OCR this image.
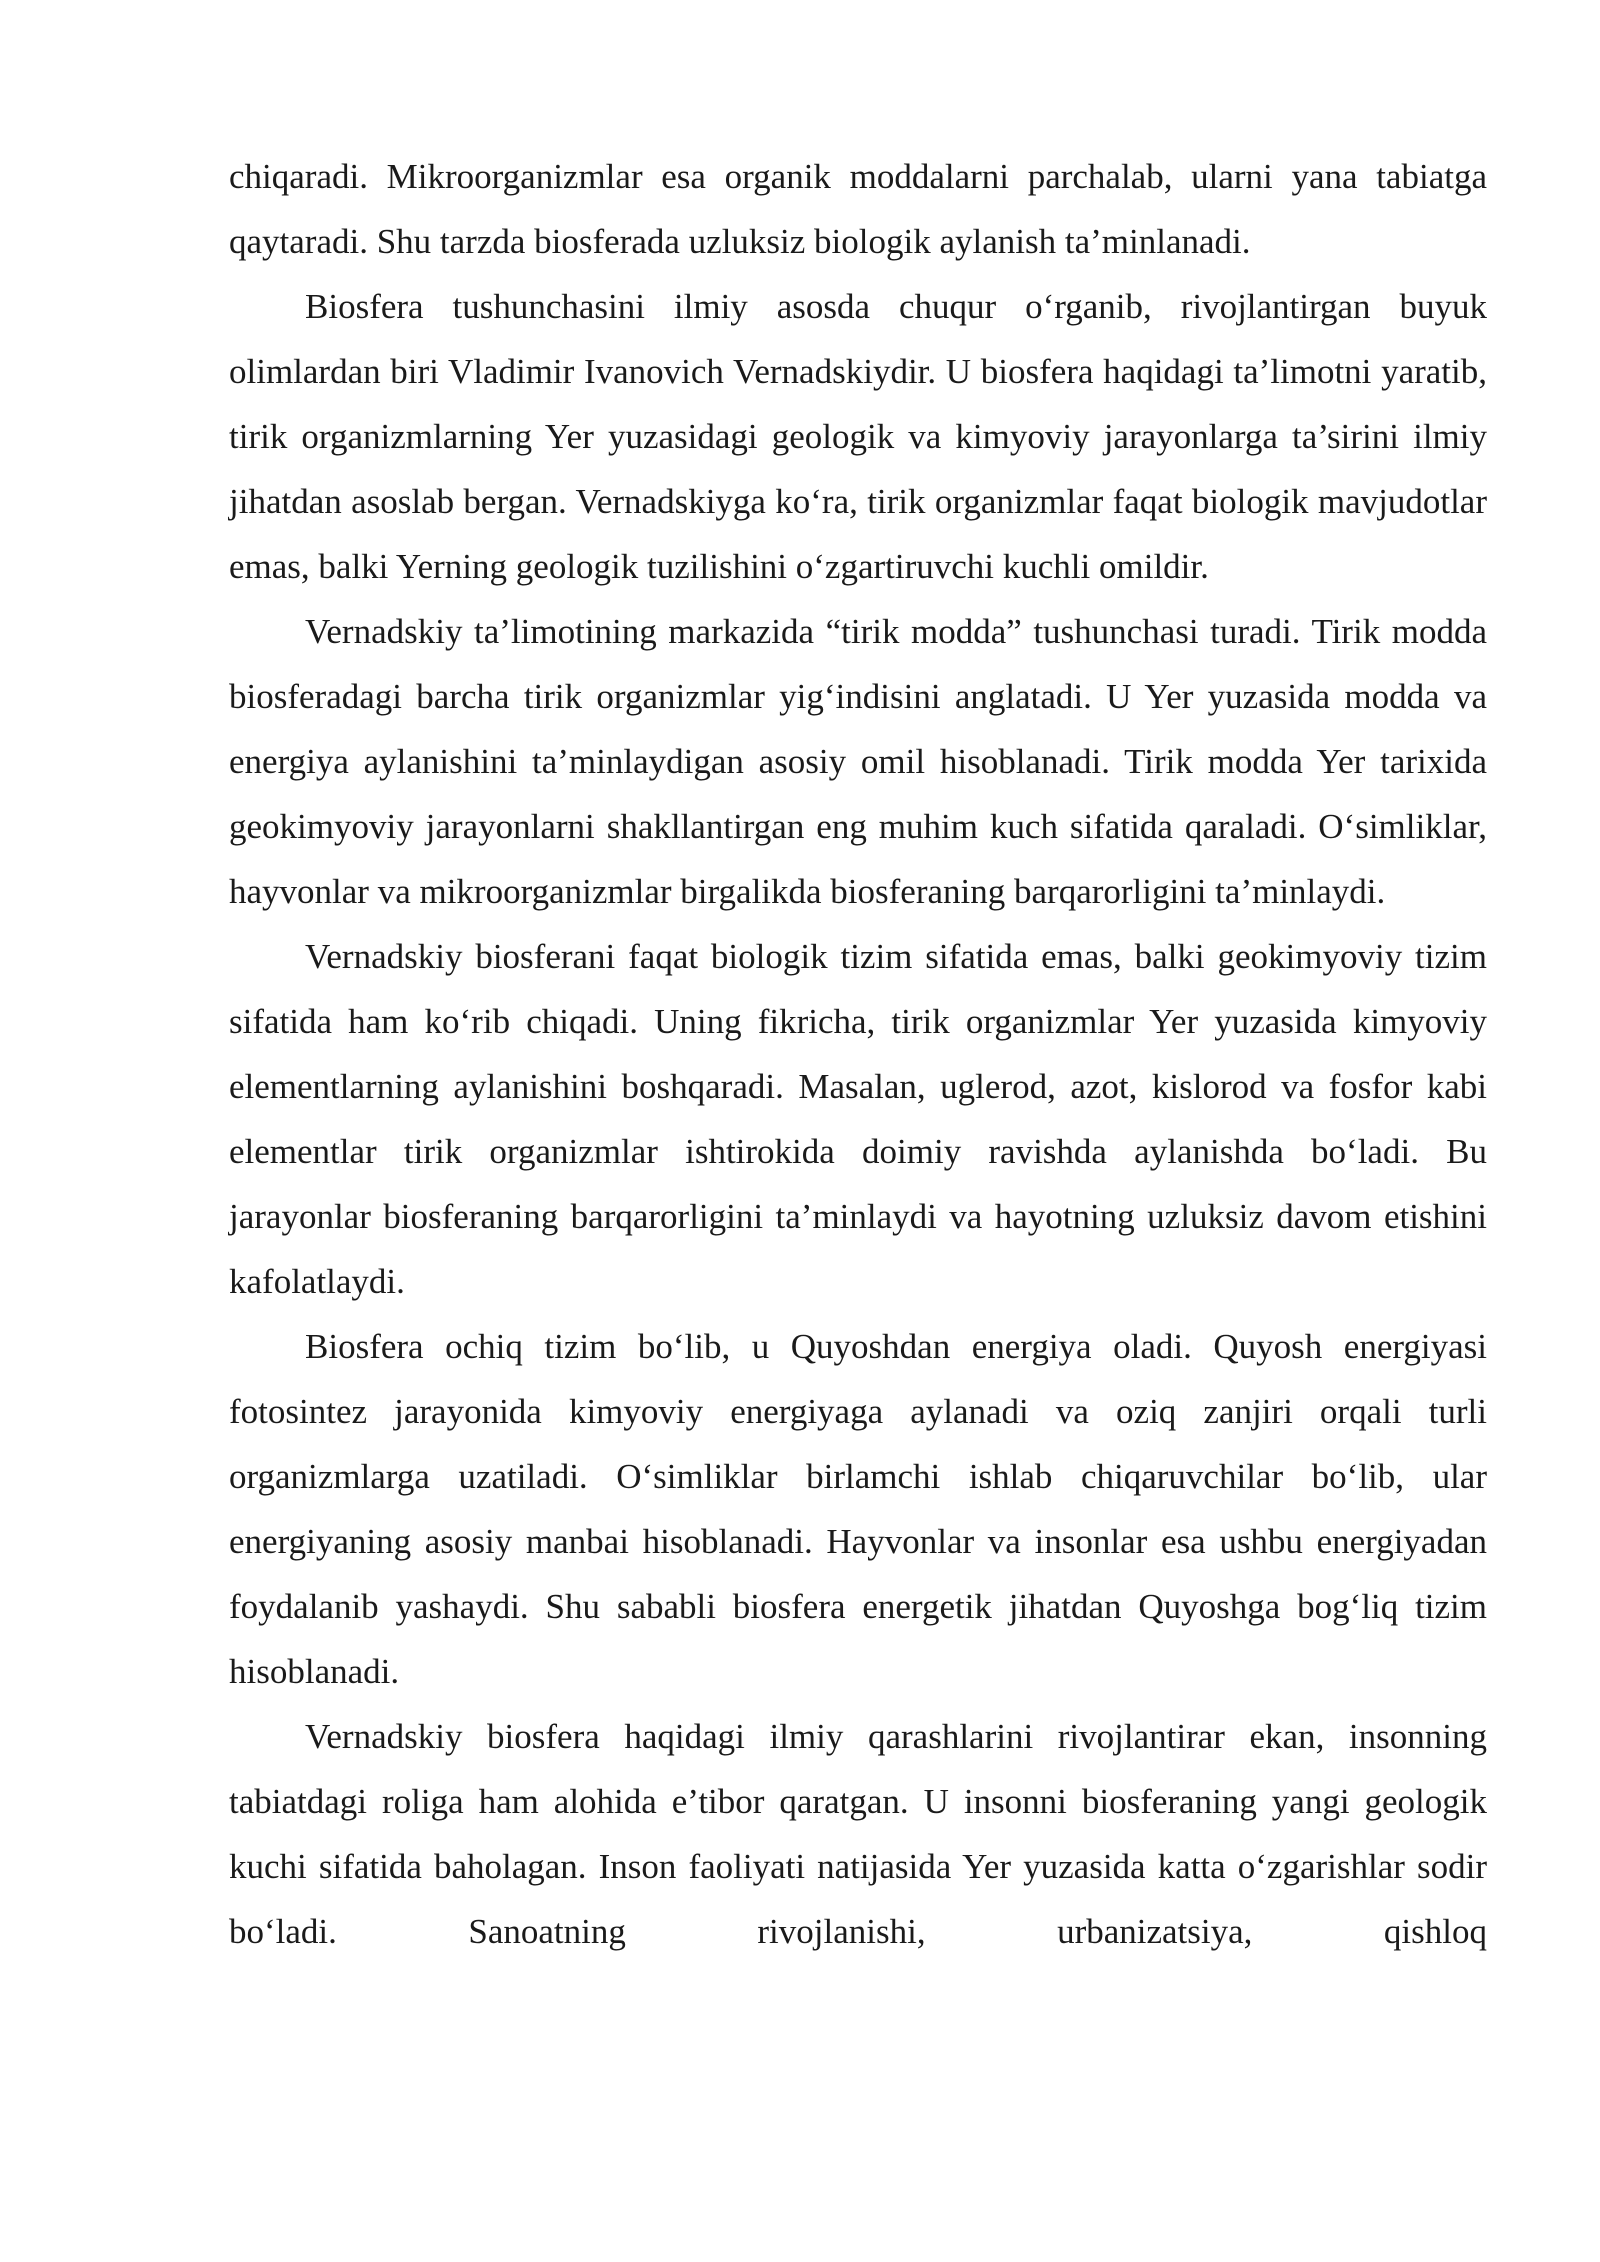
chiqaradi. Mikroorganizmlar esa organik moddalarni parchalab, ularni yana tabiatga qaytaradi. Shu tarzda biosferada uzluksiz biologik aylanish ta’minlanadi.

Biosfera tushunchasini ilmiy asosda chuqur o‘rganib, rivojlantirgan buyuk olimlardan biri Vladimir Ivanovich Vernadskiydir. U biosfera haqidagi ta’limotni yaratib, tirik organizmlarning Yer yuzasidagi geologik va kimyoviy jarayonlarga ta’sirini ilmiy jihatdan asoslab bergan. Vernadskiyga ko‘ra, tirik organizmlar faqat biologik mavjudotlar emas, balki Yerning geologik tuzilishini o‘zgartiruvchi kuchli omildir.

Vernadskiy ta’limotining markazida “tirik modda” tushunchasi turadi. Tirik modda biosferadagi barcha tirik organizmlar yig‘indisini anglatadi. U Yer yuzasida modda va energiya aylanishini ta’minlaydigan asosiy omil hisoblanadi. Tirik modda Yer tarixida geokimyoviy jarayonlarni shakllantirgan eng muhim kuch sifatida qaraladi. O‘simliklar, hayvonlar va mikroorganizmlar birgalikda biosferaning barqarorligini ta’minlaydi.

Vernadskiy biosferani faqat biologik tizim sifatida emas, balki geokimyoviy tizim sifatida ham ko‘rib chiqadi. Uning fikricha, tirik organizmlar Yer yuzasida kimyoviy elementlarning aylanishini boshqaradi. Masalan, uglerod, azot, kislorod va fosfor kabi elementlar tirik organizmlar ishtirokida doimiy ravishda aylanishda bo‘ladi. Bu jarayonlar biosferaning barqarorligini ta’minlaydi va hayotning uzluksiz davom etishini kafolatlaydi.

Biosfera ochiq tizim bo‘lib, u Quyoshdan energiya oladi. Quyosh energiyasi fotosintez jarayonida kimyoviy energiyaga aylanadi va oziq zanjiri orqali turli organizmlarga uzatiladi. O‘simliklar birlamchi ishlab chiqaruvchilar bo‘lib, ular energiyaning asosiy manbai hisoblanadi. Hayvonlar va insonlar esa ushbu energiyadan foydalanib yashaydi. Shu sababli biosfera energetik jihatdan Quyoshga bog‘liq tizim hisoblanadi.

Vernadskiy biosfera haqidagi ilmiy qarashlarini rivojlantirar ekan, insonning tabiatdagi roliga ham alohida e’tibor qaratgan. U insonni biosferaning yangi geologik kuchi sifatida baholagan. Inson faoliyati natijasida Yer yuzasida katta o‘zgarishlar sodir bo‘ladi. Sanoatning rivojlanishi, urbanizatsiya, qishloq
